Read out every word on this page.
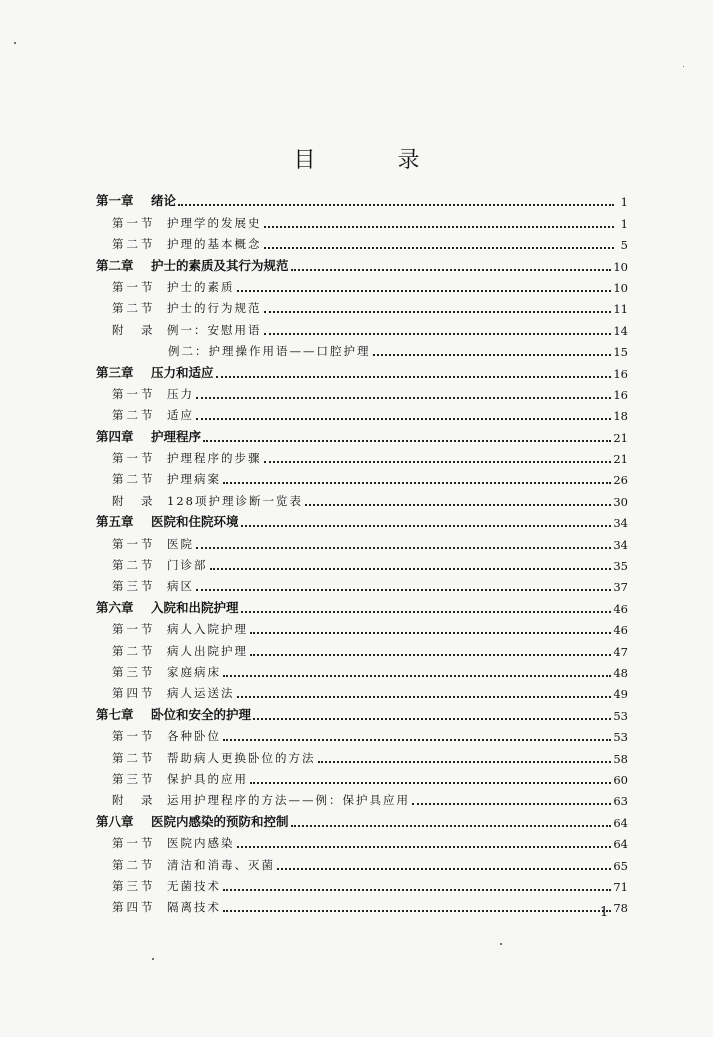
目　录
第一章	绪论	1
第一节	护理学的发展史	1
第二节	护理的基本概念	5
第二章	护士的素质及其行为规范	10
第一节	护士的素质	10
第二节	护士的行为规范	11
附　录	例一：安慰用语	14
例二：护理操作用语——口腔护理	15
第三章	压力和适应	16
第一节	压力	16
第二节	适应	18
第四章	护理程序	21
第一节	护理程序的步骤	21
第二节	护理病案	26
附　录	128项护理诊断一览表	30
第五章	医院和住院环境	34
第一节	医院	34
第二节	门诊部	35
第三节	病区	37
第六章	入院和出院护理	46
第一节	病人入院护理	46
第二节	病人出院护理	47
第三节	家庭病床	48
第四节	病人运送法	49
第七章	卧位和安全的护理	53
第一节	各种卧位	53
第二节	帮助病人更换卧位的方法	58
第三节	保护具的应用	60
附　录	运用护理程序的方法——例：保护具应用	63
第八章	医院内感染的预防和控制	64
第一节	医院内感染	64
第二节	清洁和消毒、灭菌	65
第三节	无菌技术	71
第四节	隔离技术	78
1
